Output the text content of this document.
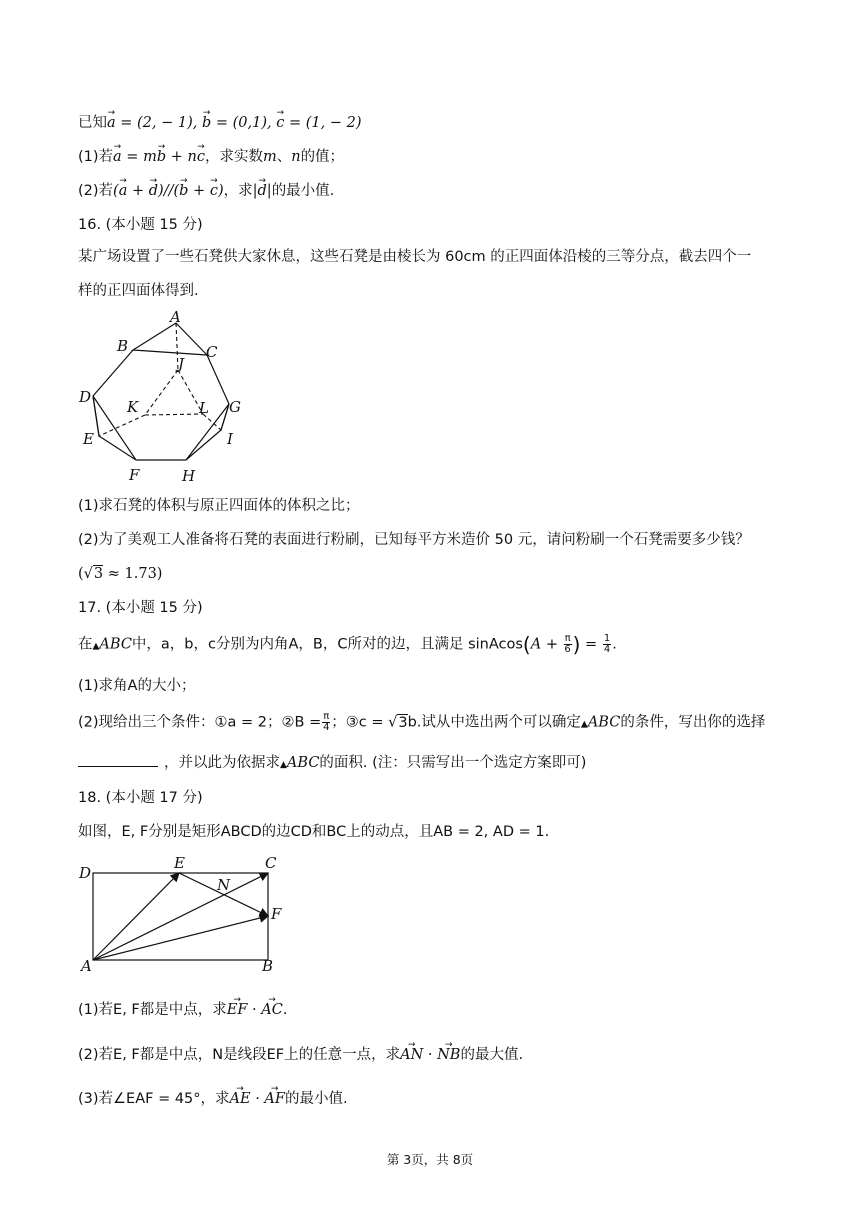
已知→ a = (2, − 1), → b = (0,1), → c = (1, − 2)
(1)若→ a = m→ b + n→ c，求实数m、n的值；
(2)若(→ a + → d)//(→ b + → c)，求|→ d|的最小值.
16. (本小题 15 分)
某广场设置了一些石凳供大家休息，这些石凳是由棱长为 60cm 的正四面体沿棱的三等分点，截去四个一
样的正四面体得到.
A
B	C
J
D
K	L G
E	I
F	H
(1)求石凳的体积与原正四面体的体积之比；
(2)为了美观工人准备将石凳的表面进行粉刷，已知每平方米造价 50 元，请问粉刷一个石凳需要多少钱？
(√3 ≈ 1.73)
17. (本小题 15 分)
在▲ABC中，a，b，c分别为内角A，B，C所对的边，且满足 sinAcos(A + $\frac{\pi}{6}$ ) = $\frac{1}{4}$ .
(1)求角A的大小；
(2)现给出三个条件：①a = 2；②B = $\frac{\pi}{4}$ ；③c = √3b.试从中选出两个可以确定▲ABC的条件，写出你的选择
，并以此为依据求▲ABC的面积. (注：只需写出一个选定方案即可)
18. (本小题 17 分)
如图，E, F分别是矩形ABCD的边CD和BC上的动点，且AB = 2, AD = 1.
D
E	C
N
F
A	B
(1)若E, F都是中点，求→ EF · → AC.
(2)若E, F都是中点，N是线段EF上的任意一点，求→ AN · → NB的最大值.
(3)若∠EAF = 45°，求→ AE · → AF的最小值.
第 3页，共 8页
